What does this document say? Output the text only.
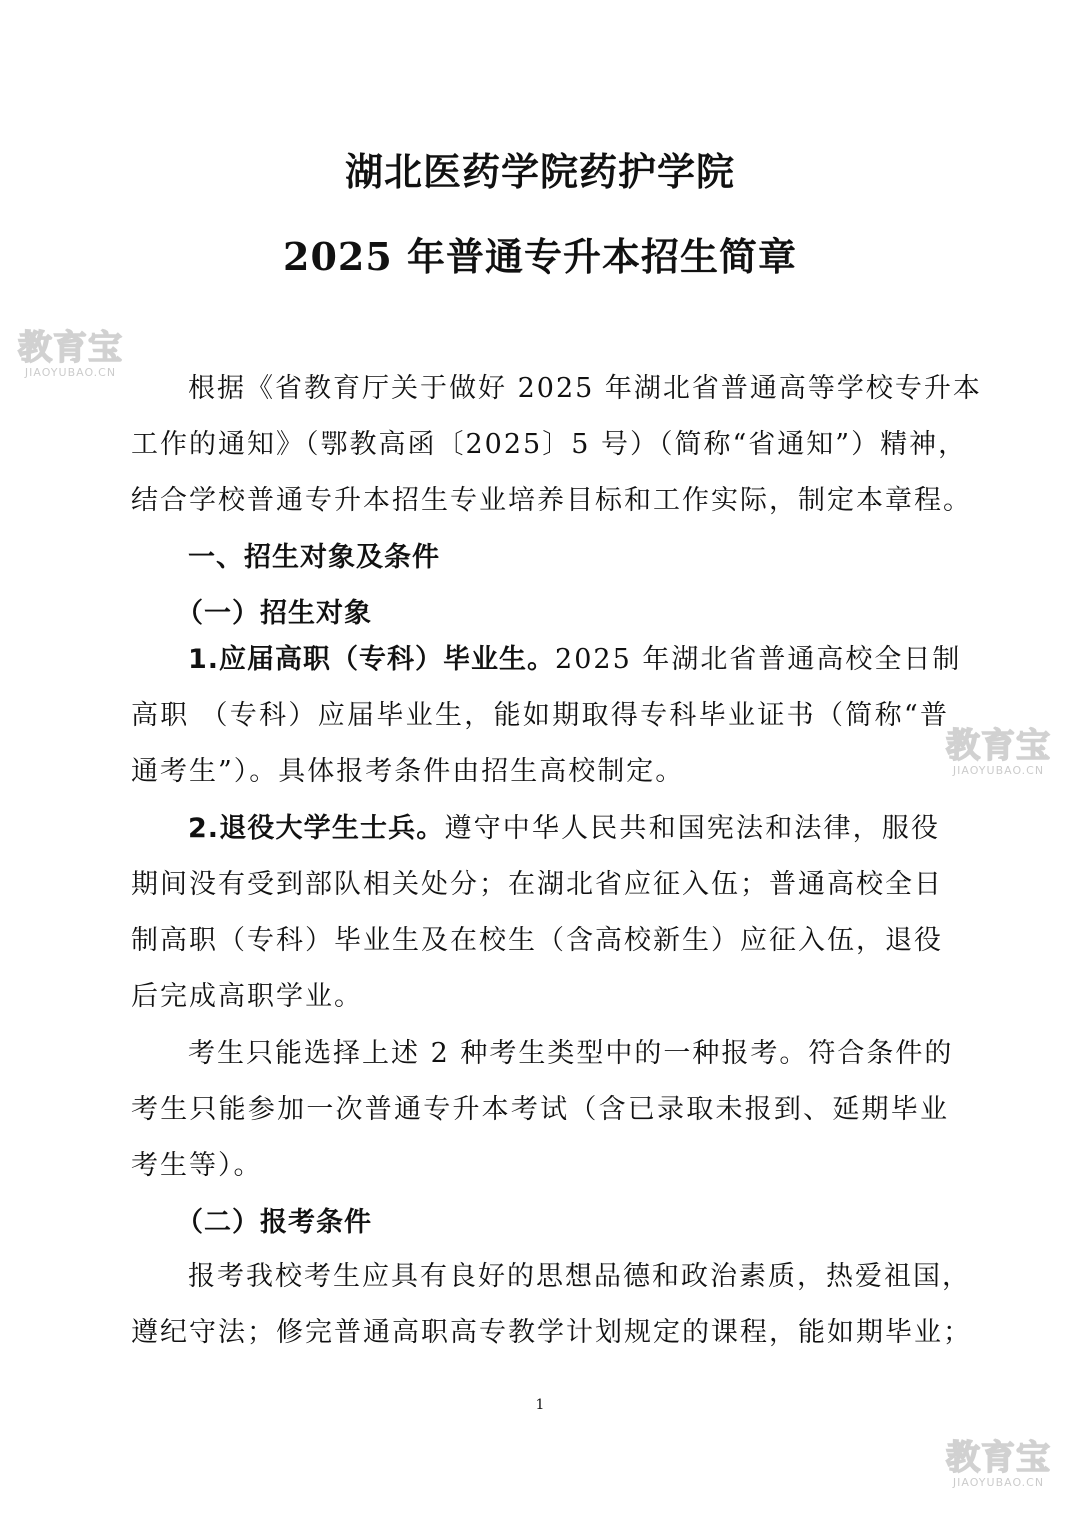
湖北医药学院药护学院
2025 年普通专升本招生简章
根据《省教育厅关于做好 2025 年湖北省普通高等学校专升本
工作的通知》（鄂教高函〔2025〕5 号）（简称“省通知”）精神，
结合学校普通专升本招生专业培养目标和工作实际，制定本章程。
一、招生对象及条件
（一）招生对象
1.应届高职（专科）毕业生。2025 年湖北省普通高校全日制
高职 （专科）应届毕业生，能如期取得专科毕业证书（简称“普
通考生”）。具体报考条件由招生高校制定。
2.退役大学生士兵。遵守中华人民共和国宪法和法律，服役
期间没有受到部队相关处分；在湖北省应征入伍；普通高校全日
制高职（专科）毕业生及在校生（含高校新生）应征入伍，退役
后完成高职学业。
考生只能选择上述 2 种考生类型中的一种报考。符合条件的
考生只能参加一次普通专升本考试（含已录取未报到、延期毕业
考生等）。
（二）报考条件
报考我校考生应具有良好的思想品德和政治素质，热爱祖国，
遵纪守法；修完普通高职高专教学计划规定的课程，能如期毕业；
1
教育宝
JIAOYUBAO.CN
教育宝
JIAOYUBAO.CN
教育宝
JIAOYUBAO.CN
